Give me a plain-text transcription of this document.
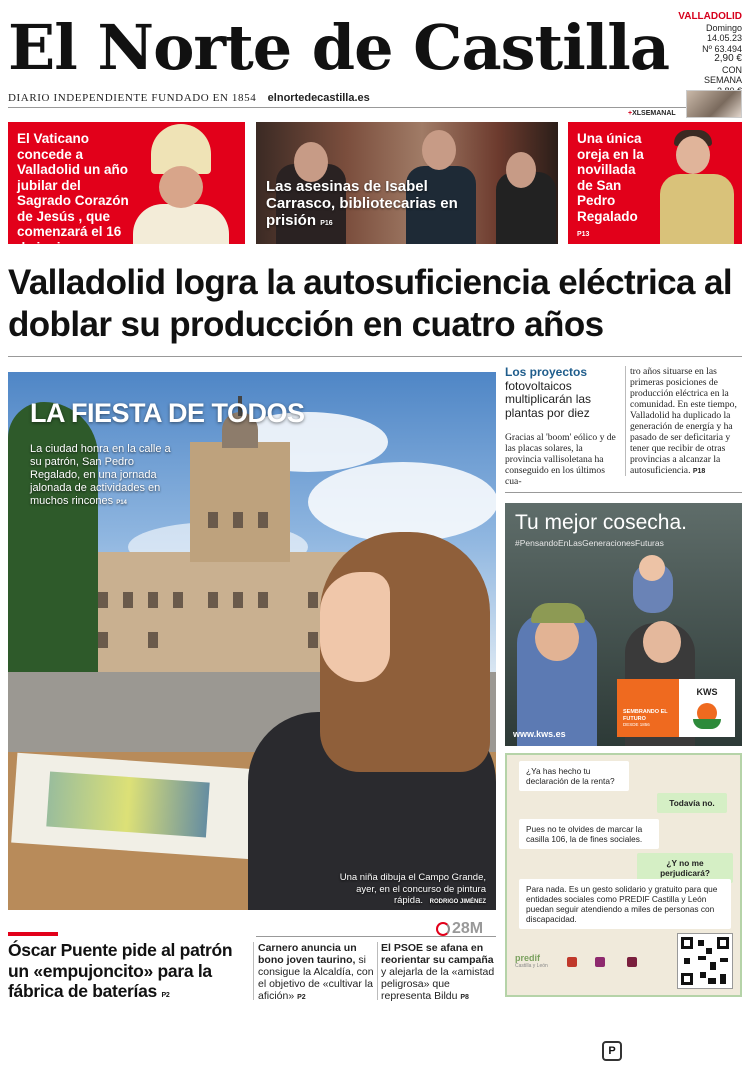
El Norte de Castilla
DIARIO INDEPENDIENTE FUNDADO EN 1854 elnortedecastilla.es
VALLADOLID
Domingo
14.05.23
Nº 63.494
2,90 €
CON
SEMANA
+XLSEMANAL
El Vaticano concede a Valladolid un año jubilar del Sagrado Corazón de Jesús , que comenzará el 16 de junio P12
Las asesinas de Isabel Carrasco, bibliotecarias en prisión P16
Una única oreja en la novillada de San Pedro Regalado P13
Valladolid logra la autosuficiencia eléctrica al doblar su producción en cuatro años
LA FIESTA DE TODOS
La ciudad honra en la calle a su patrón, San Pedro Regalado, en una jornada jalonada de actividades en muchos rincones P14
Una niña dibuja el Campo Grande, ayer, en el concurso de pintura rápida. RODRIGO JIMÉNEZ
Los proyectos fotovoltaicos multiplicarán las plantas por diez
Gracias al 'boom' eólico y de las placas solares, la provincia vallisoletana ha conseguido en los últimos cua-
tro años situarse en las primeras posiciones de producción eléctrica en la comunidad. En este tiempo, Valladolid ha duplicado la generación de energía y ha pasado de ser deficitaria y tener que recibir de otras provincias a alcanzar la autosuficiencia. P18
Tu mejor cosecha.
#PensandoEnLasGeneracionesFuturas
www.kws.es
SEMBRANDO EL FUTURO
DESDE 1856
KWS
¿Ya has hecho tu declaración de la renta?
Todavía no.
Pues no te olvides de marcar la casilla 106, la de fines sociales.
¿Y no me perjudicará?
Para nada. Es un gesto solidario y gratuito para que entidades sociales como PREDIF Castilla y León puedan seguir atendiendo a miles de personas con discapacidad.
predif
Castilla y León
Óscar Puente pide al patrón un «empujoncito» para la fábrica de baterías P2
28M
Carnero anuncia un bono joven taurino, si consigue la Alcaldía, con el objetivo de «cultivar la afición» P2
El PSOE se afana en reorientar su campaña y alejarla de la «amistad peligrosa» que representa Bildu P8
P
